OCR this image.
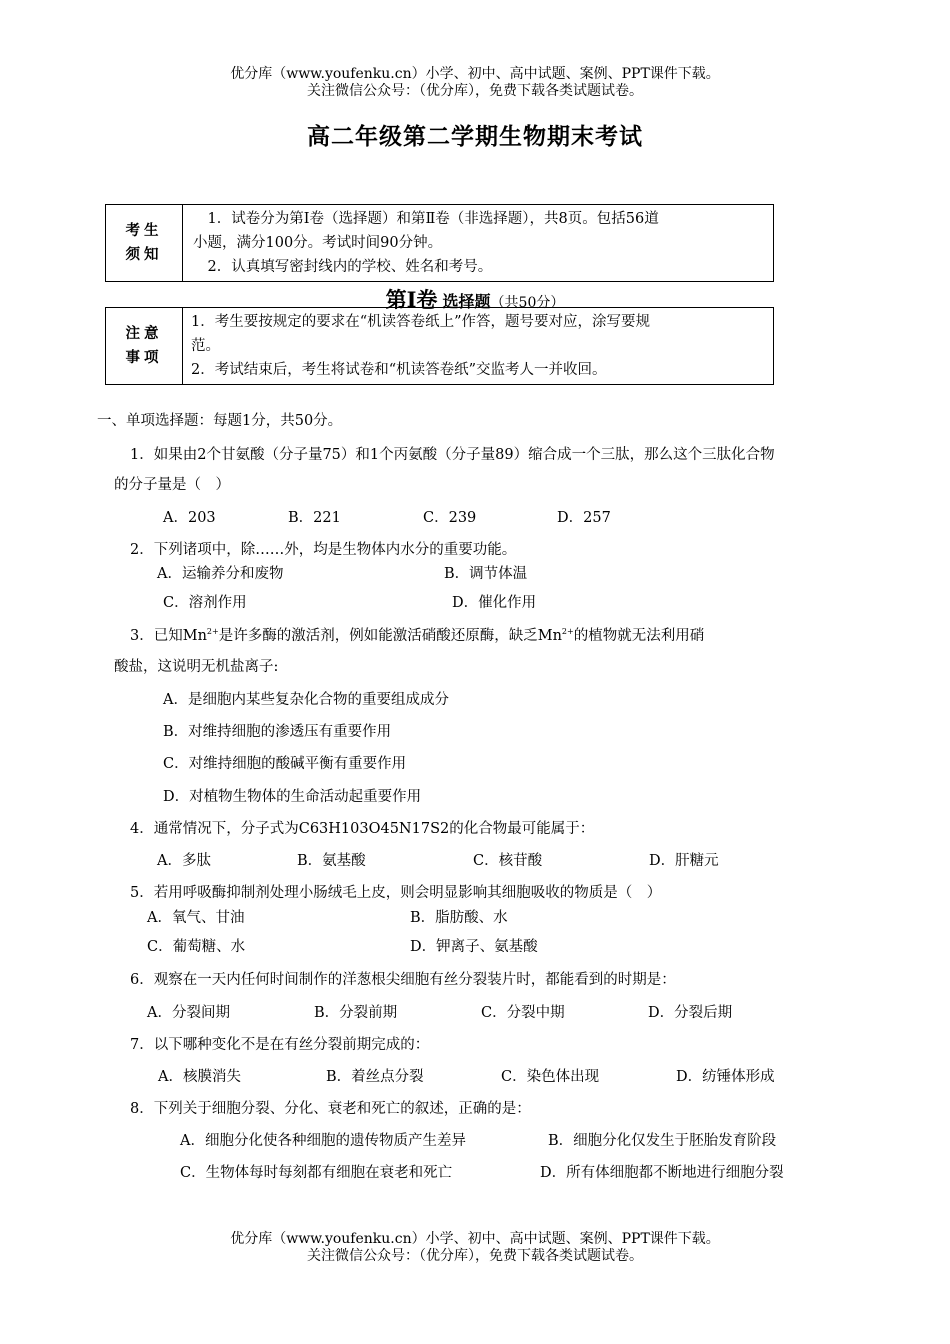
优分库（www.youfenku.cn）小学、初中、高中试题、案例、PPT课件下载。
关注微信公众号：（优分库），免费下载各类试题试卷。
高二年级第二学期生物期末考试
考生
须知

　1．试卷分为第Ⅰ卷（选择题）和第Ⅱ卷（非选择题），共8页。包括56道
小题，满分100分。考试时间90分钟。
　2．认真填写密封线内的学校、姓名和考号。
第Ⅰ卷 选择题（共50分）
注意
事项

1．考生要按规定的要求在“机读答卷纸上”作答，题号要对应，涂写要规
范。
2．考试结束后，考生将试卷和“机读答卷纸”交监考人一并收回。
一、单项选择题：每题1分，共50分。
1．如果由2个甘氨酸（分子量75）和1个丙氨酸（分子量89）缩合成一个三肽，那么这个三肽化合物
的分子量是（　）
A．203	B．221	C．239	D．257
2．下列诸项中，除……外，均是生物体内水分的重要功能。
A．运输养分和废物	B．调节体温
C．溶剂作用	D．催化作用
3．已知$Mn^{2+}$是许多酶的激活剂，例如能激活硝酸还原酶，缺乏$Mn^{2+}$的植物就无法利用硝
酸盐，这说明无机盐离子:
A．是细胞内某些复杂化合物的重要组成成分
B．对维持细胞的渗透压有重要作用
C．对维持细胞的酸碱平衡有重要作用
D．对植物生物体的生命活动起重要作用
4．通常情况下，分子式为C63H103O45N17S2的化合物最可能属于：
A．多肽	B．氨基酸	C．核苷酸	D．肝糖元
5．若用呼吸酶抑制剂处理小肠绒毛上皮，则会明显影响其细胞吸收的物质是（　）
A．氧气、甘油	B．脂肪酸、水
C．葡萄糖、水	D．钾离子、氨基酸
6．观察在一天内任何时间制作的洋葱根尖细胞有丝分裂装片时，都能看到的时期是：
A．分裂间期	B．分裂前期	C．分裂中期	D．分裂后期
7．以下哪种变化不是在有丝分裂前期完成的：
A．核膜消失	B．着丝点分裂	C．染色体出现	D．纺锤体形成
8．下列关于细胞分裂、分化、衰老和死亡的叙述，正确的是：
A．细胞分化使各种细胞的遗传物质产生差异	B．细胞分化仅发生于胚胎发育阶段
C．生物体每时每刻都有细胞在衰老和死亡	D．所有体细胞都不断地进行细胞分裂
优分库（www.youfenku.cn）小学、初中、高中试题、案例、PPT课件下载。
关注微信公众号：（优分库），免费下载各类试题试卷。
